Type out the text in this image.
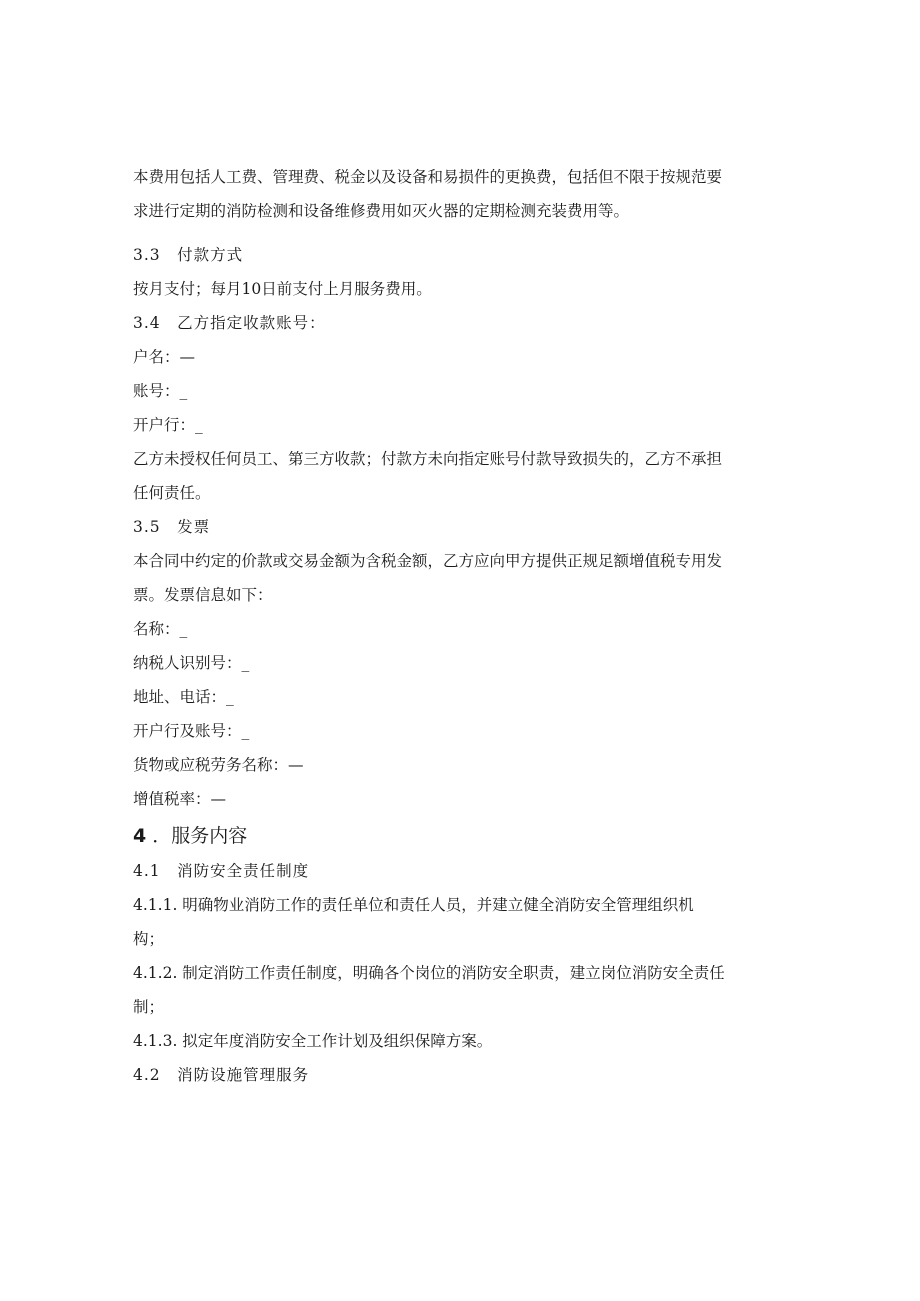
本费用包括人工费、管理费、税金以及设备和易损件的更换费，包括但不限于按规范要

求进行定期的消防检测和设备维修费用如灭火器的定期检测充装费用等。

3.3　付款方式

按月支付；每月10日前支付上月服务费用。

3.4　乙方指定收款账号：

户名：—

账号：_

开户行：_

乙方未授权任何员工、第三方收款；付款方未向指定账号付款导致损失的，乙方不承担

任何责任。

3.5　发票

本合同中约定的价款或交易金额为含税金额，乙方应向甲方提供正规足额增值税专用发

票。发票信息如下：

名称：_

纳税人识别号：_

地址、电话：_

开户行及账号：_

货物或应税劳务名称：—

增值税率：—

4 ．服务内容

4.1　消防安全责任制度

4.1.1. 明确物业消防工作的责任单位和责任人员，并建立健全消防安全管理组织机

构；

4.1.2. 制定消防工作责任制度，明确各个岗位的消防安全职责，建立岗位消防安全责任

制；

4.1.3. 拟定年度消防安全工作计划及组织保障方案。

4.2　消防设施管理服务
